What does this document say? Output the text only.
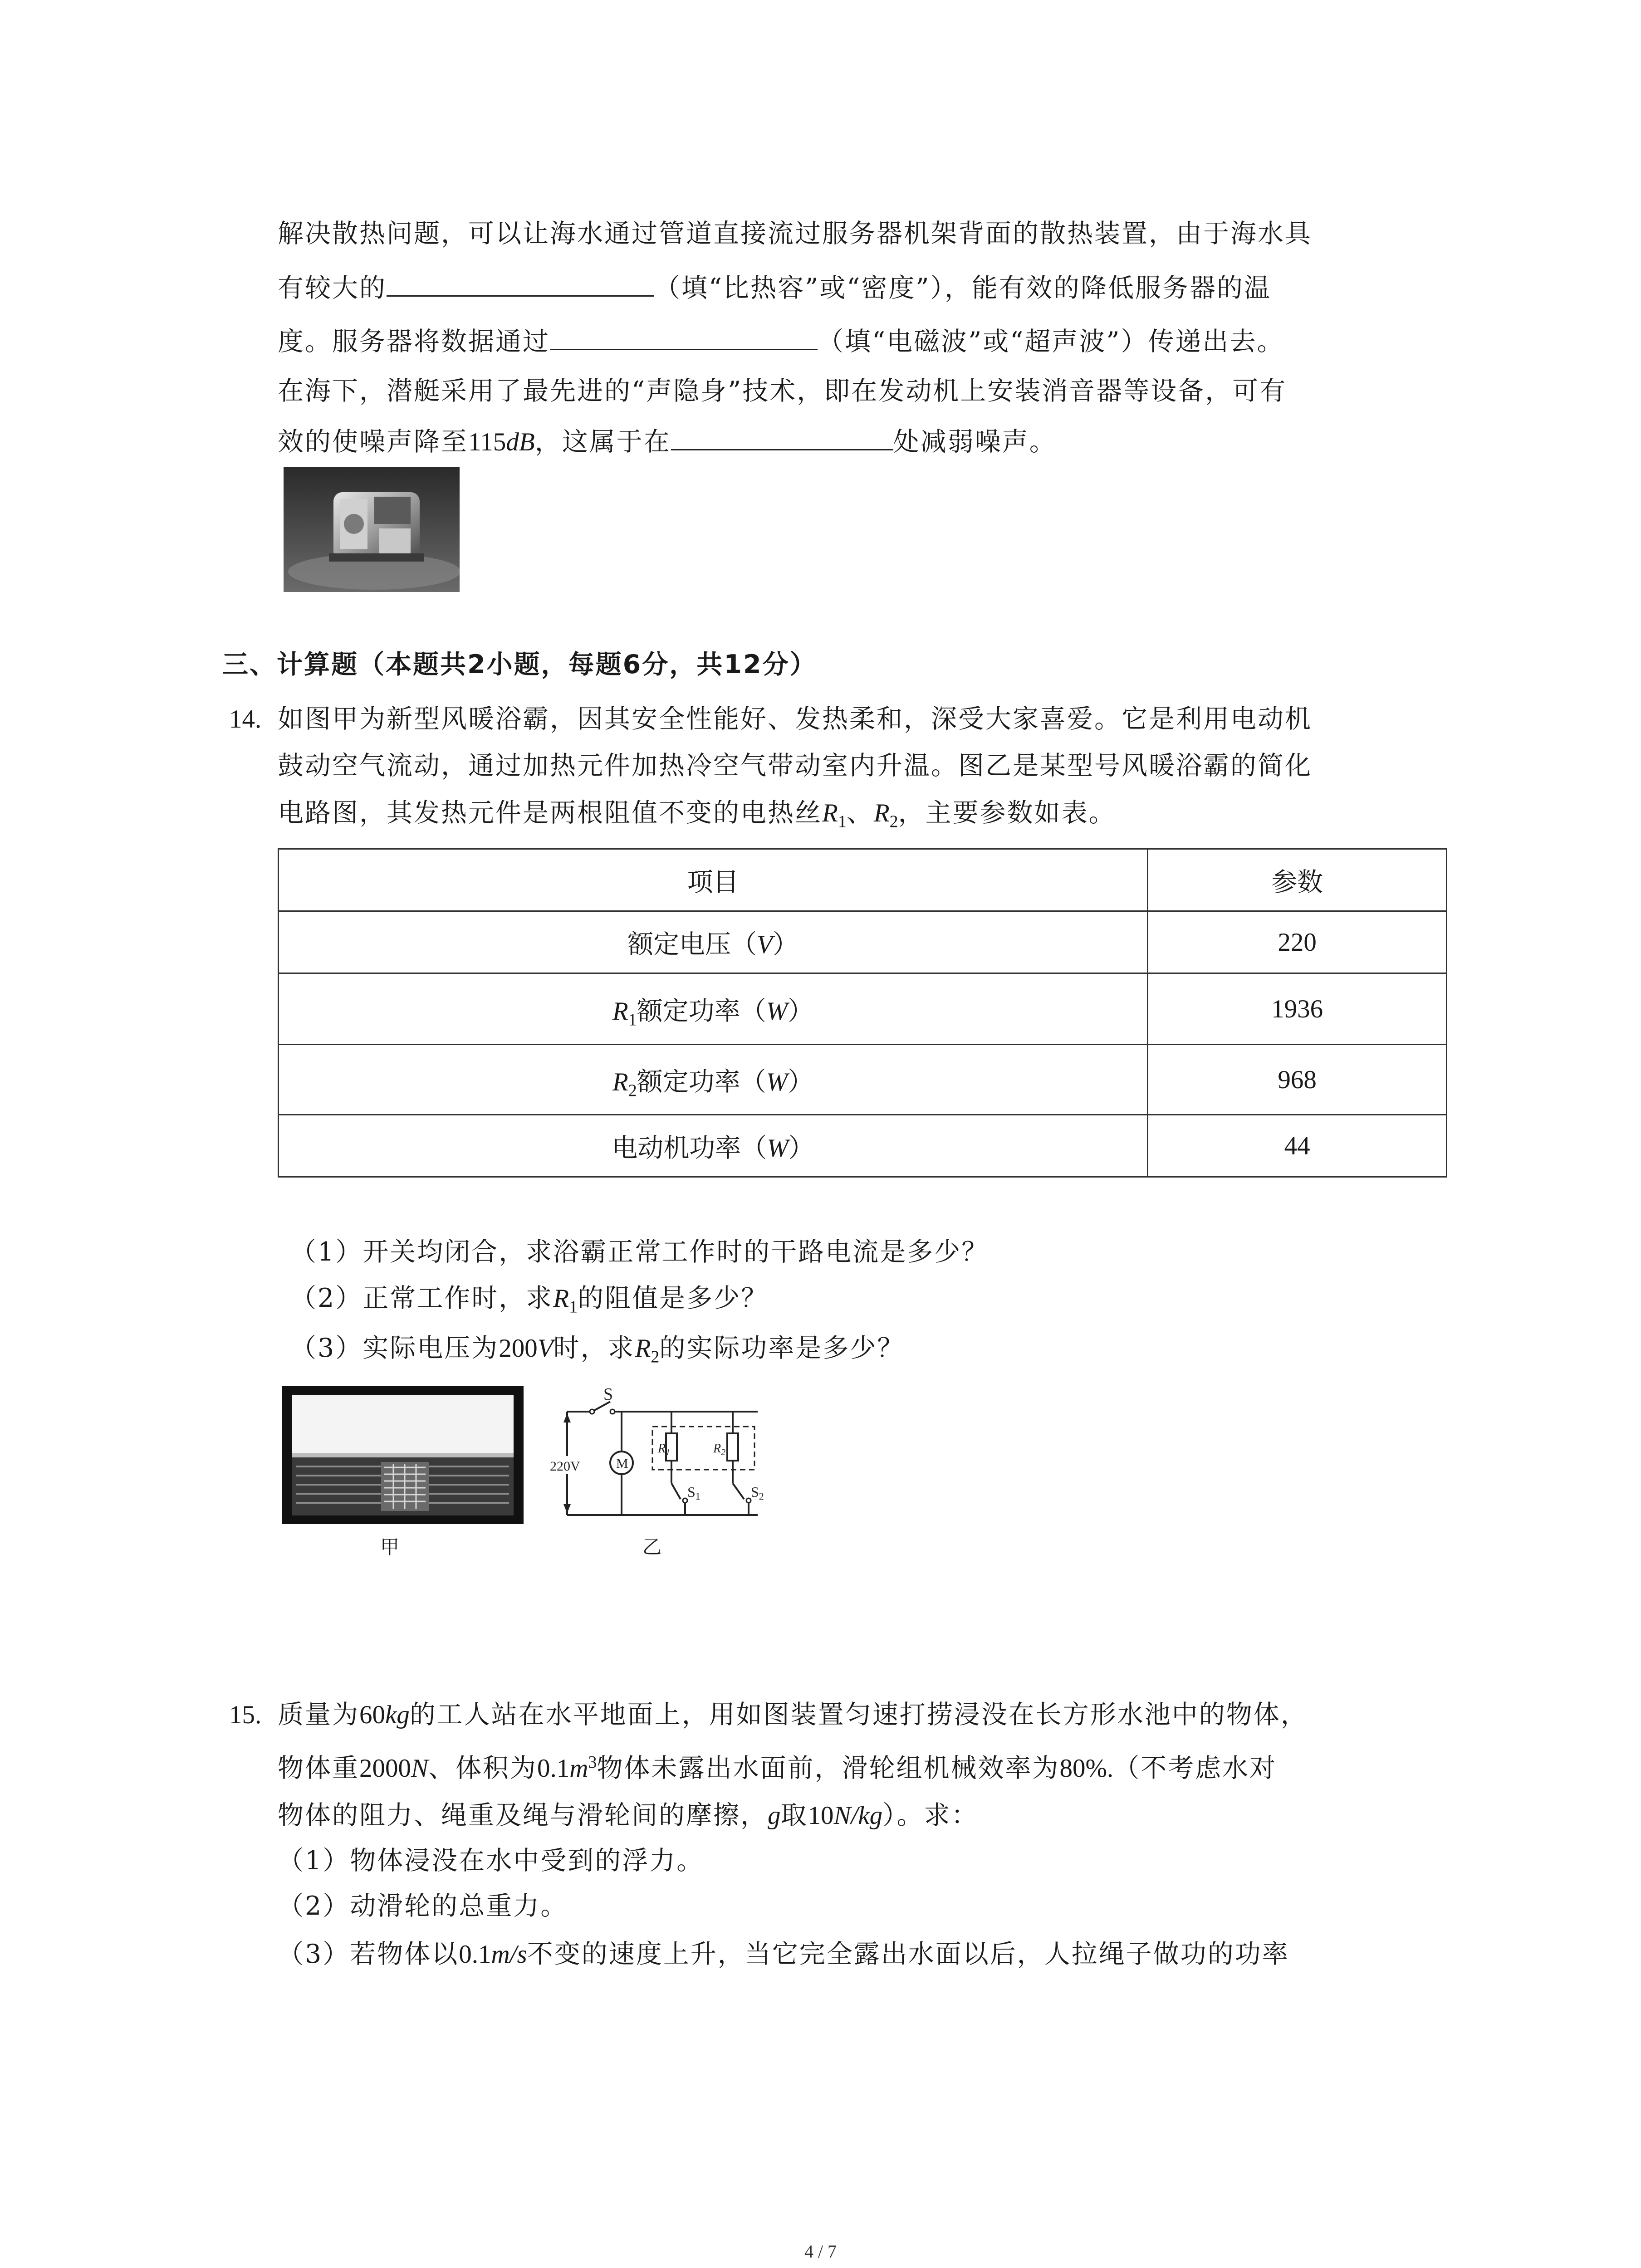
解决散热问题，可以让海水通过管道直接流过服务器机架背面的散热装置，由于海水具
有较大的	（填“比热容”或“密度”），能有效的降低服务器的温
度。服务器将数据通过	（填“电磁波”或“超声波”）传递出去。
在海下，潜艇采用了最先进的“声隐身”技术，即在发动机上安装消音器等设备，可有
效的使噪声降至115dB，这属于在	处减弱噪声。
三、计算题（本题共2小题，每题6分，共12分）
14. 如图甲为新型风暖浴霸，因其安全性能好、发热柔和，深受大家喜爱。它是利用电动机
鼓动空气流动，通过加热元件加热冷空气带动室内升温。图乙是某型号风暖浴霸的简化
电路图，其发热元件是两根阻值不变的电热丝$R_1$、$R_2$，主要参数如表。
项目	参数
额定电压（V）	220
$R_1$额定功率（W）	1936
$R_2$额定功率（W）	968
电动机功率（W）	44
（1）开关均闭合，求浴霸正常工作时的干路电流是多少？
（2）正常工作时，求$R_1$的阻值是多少？
（3）实际电压为200V时，求$R_2$的实际功率是多少？
甲
S
220V	M
$R_1$	$R_2$
S1	S2
乙
15. 质量为60kg的工人站在水平地面上，用如图装置匀速打捞浸没在长方形水池中的物体，
物体重2000N、体积为$0.1m^3$物体未露出水面前，滑轮组机械效率为80%.（不考虑水对
物体的阻力、绳重及绳与滑轮间的摩擦，g取10N/kg）。求：
（1）物体浸没在水中受到的浮力。
（2）动滑轮的总重力。
（3）若物体以0.1m/s不变的速度上升，当它完全露出水面以后，人拉绳子做功的功率
4 / 7
